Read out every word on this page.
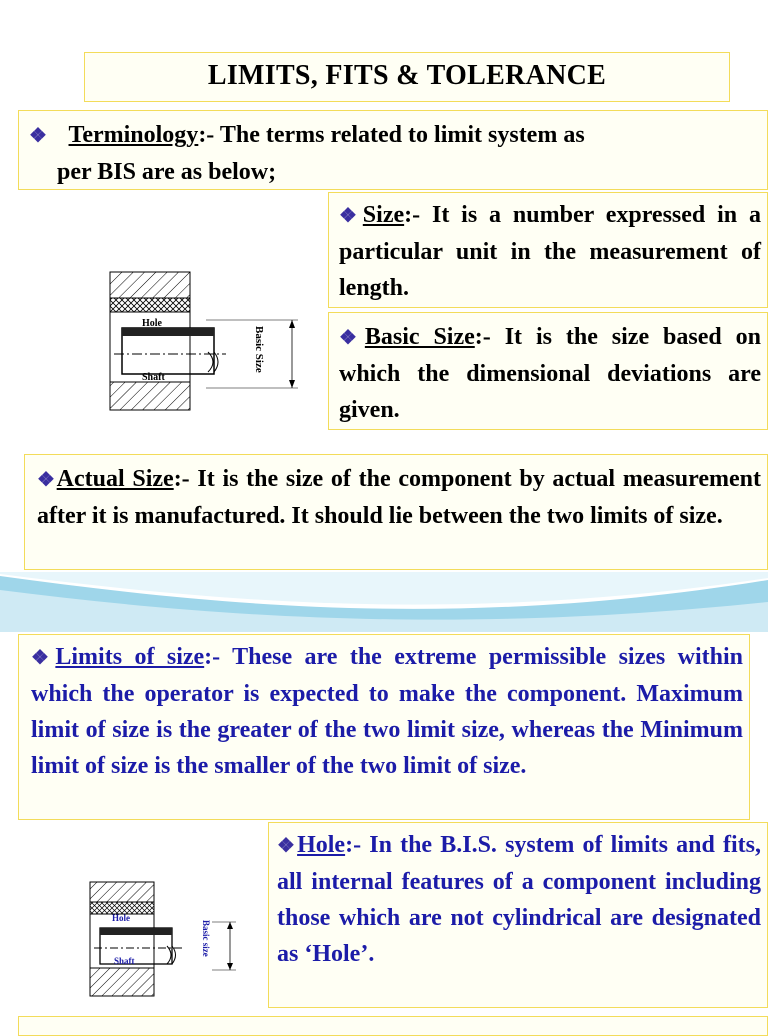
LIMITS, FITS & TOLERANCE
❖ Terminology:- The terms related to limit system as
per BIS are as below;
Hole
Shaft
Basic Size
❖Size:- It is a number expressed in a particular unit in the measurement of length.
❖Basic Size:- It is the size based on which the dimensional deviations are given.
❖Actual Size:- It is the size of the component by actual measurement after it is manufactured. It should lie between the two limits of size.
❖Limits of size:- These are the extreme permissible sizes within which the operator is expected to make the component. Maximum limit of size is the greater of the two limit size, whereas the Minimum limit of size is the smaller of the two limit of size.
Hole
Shaft
Basic size
❖Hole:- In the B.I.S. system of limits and fits, all internal features of a component including those which are not cylindrical are designated as ‘Hole’.
